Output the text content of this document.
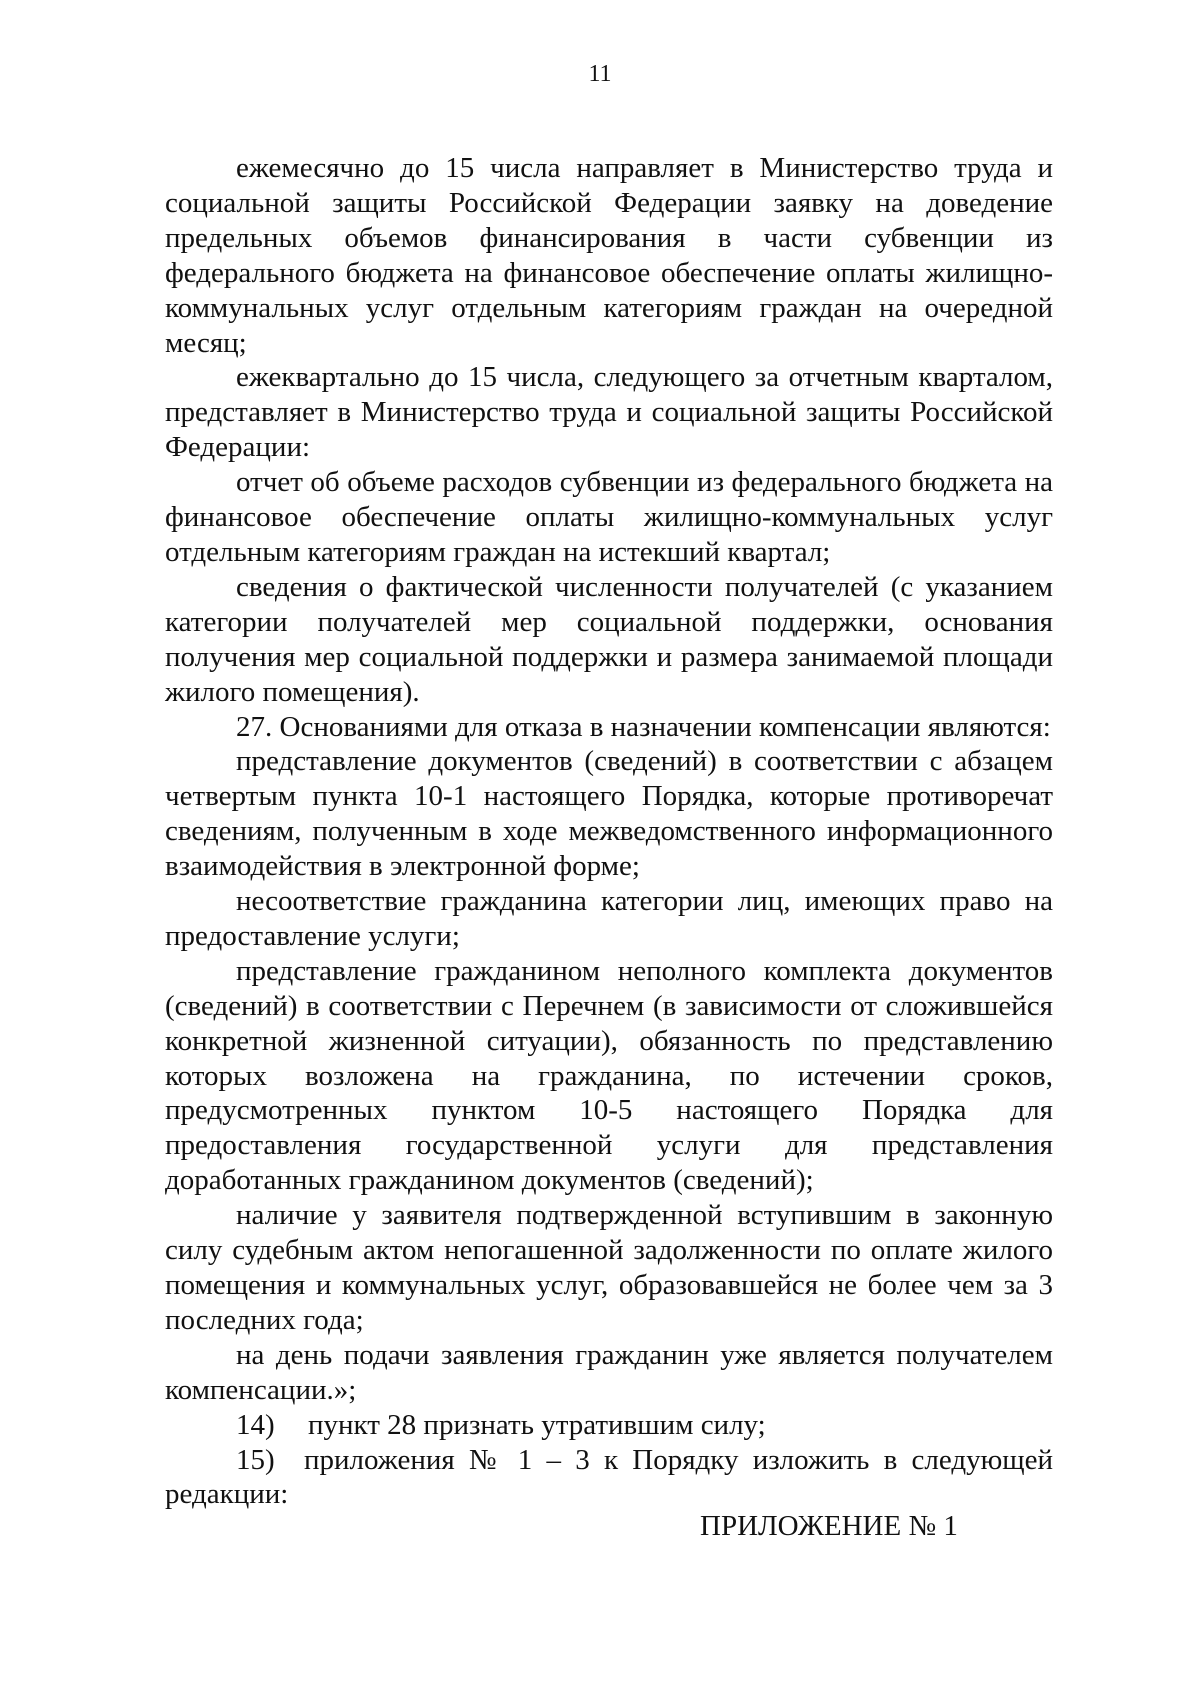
11

ежемесячно до 15 числа направляет в Министерство труда и социальной защиты Российской Федерации заявку на доведение предельных объемов финансирования в части субвенции из федерального бюджета на финансовое обеспечение оплаты жилищно-коммунальных услуг отдельным категориям граждан на очередной месяц;

ежеквартально до 15 числа, следующего за отчетным кварталом, представляет в Министерство труда и социальной защиты Российской Федерации:

отчет об объеме расходов субвенции из федерального бюджета на финансовое обеспечение оплаты жилищно-коммунальных услуг отдельным категориям граждан на истекший квартал;

сведения о фактической численности получателей (с указанием категории получателей мер социальной поддержки, основания получения мер социальной поддержки и размера занимаемой площади жилого помещения).

27. Основаниями для отказа в назначении компенсации являются:

представление документов (сведений) в соответствии с абзацем четвертым пункта 10-1 настоящего Порядка, которые противоречат сведениям, полученным в ходе межведомственного информационного взаимодействия в электронной форме;

несоответствие гражданина категории лиц, имеющих право на предоставление услуги;

представление гражданином неполного комплекта документов (сведений) в соответствии с Перечнем (в зависимости от сложившейся конкретной жизненной ситуации), обязанность по представлению которых возложена на гражданина, по истечении сроков, предусмотренных пунктом 10-5 настоящего Порядка для предоставления государственной услуги для представления доработанных гражданином документов (сведений);

наличие у заявителя подтвержденной вступившим в законную силу судебным актом непогашенной задолженности по оплате жилого помещения и коммунальных услуг, образовавшейся не более чем за 3 последних года;

на день подачи заявления гражданин уже является получателем компенсации.»;

14)	пункт 28 признать утратившим силу;
15) приложения № 1 – 3 к Порядку изложить в следующей редакции:
ПРИЛОЖЕНИЕ № 1
